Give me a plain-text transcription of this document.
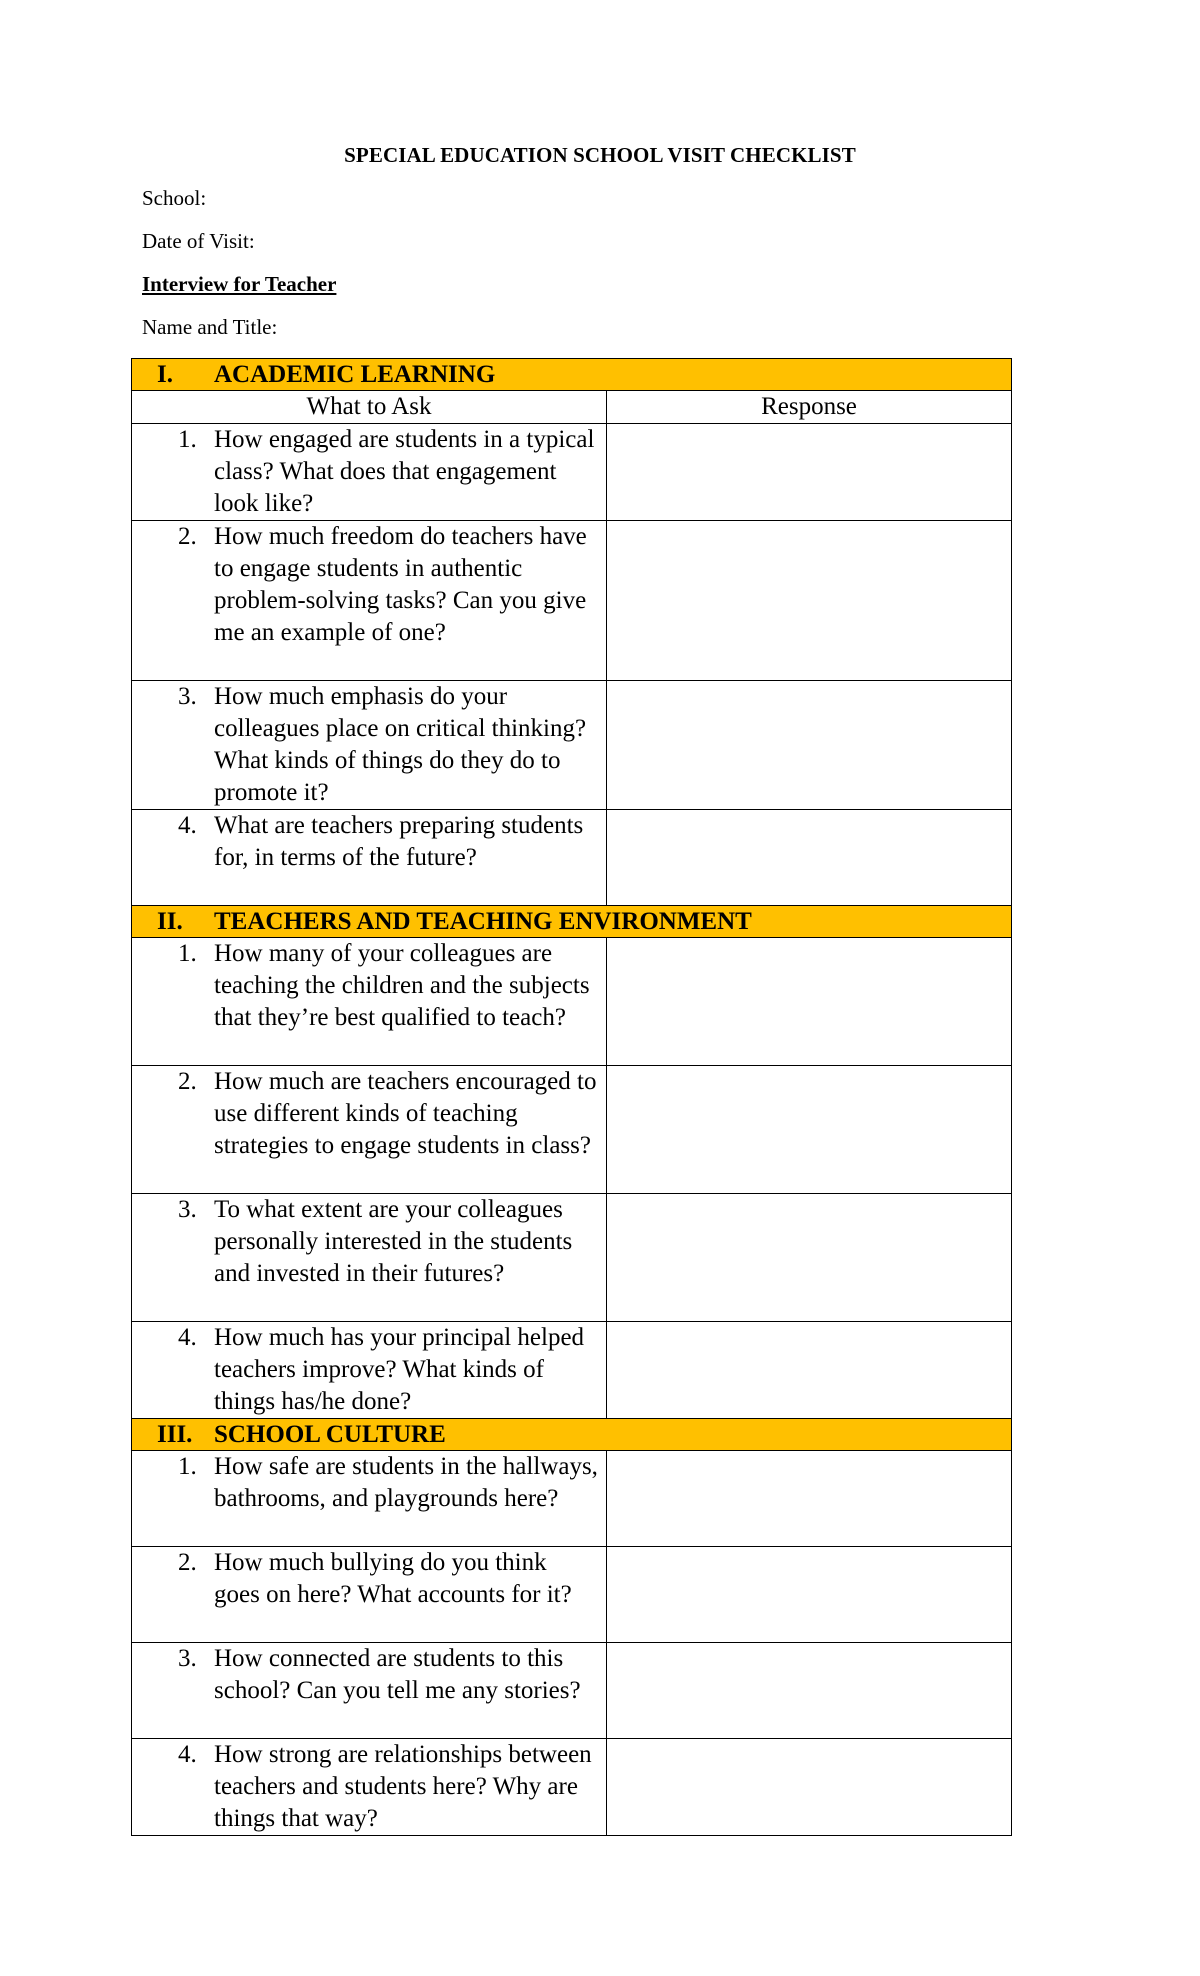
SPECIAL EDUCATION SCHOOL VISIT CHECKLIST
School:
Date of Visit:
Interview for Teacher
Name and Title:
I. ACADEMIC LEARNING	

What to Ask	Response

1. How engaged are students in a typical class? What does that engagement look like?	

2. How much freedom do teachers have to engage students in authentic problem-solving tasks? Can you give me an example of one?	

3. How much emphasis do your colleagues place on critical thinking? What kinds of things do they do to promote it?	

4. What are teachers preparing students for, in terms of the future?	

II. TEACHERS AND TEACHING ENVIRONMENT	

1. How many of your colleagues are teaching the children and the subjects that they’re best qualified to teach?	

2. How much are teachers encouraged to use different kinds of teaching strategies to engage students in class?	

3. To what extent are your colleagues personally interested in the students and invested in their futures?	

4. How much has your principal helped teachers improve? What kinds of things has/he done?	

III. SCHOOL CULTURE	

1. How safe are students in the hallways, bathrooms, and playgrounds here?	

2. How much bullying do you think goes on here? What accounts for it?	

3. How connected are students to this school? Can you tell me any stories?	

4. How strong are relationships between teachers and students here? Why are things that way?	
